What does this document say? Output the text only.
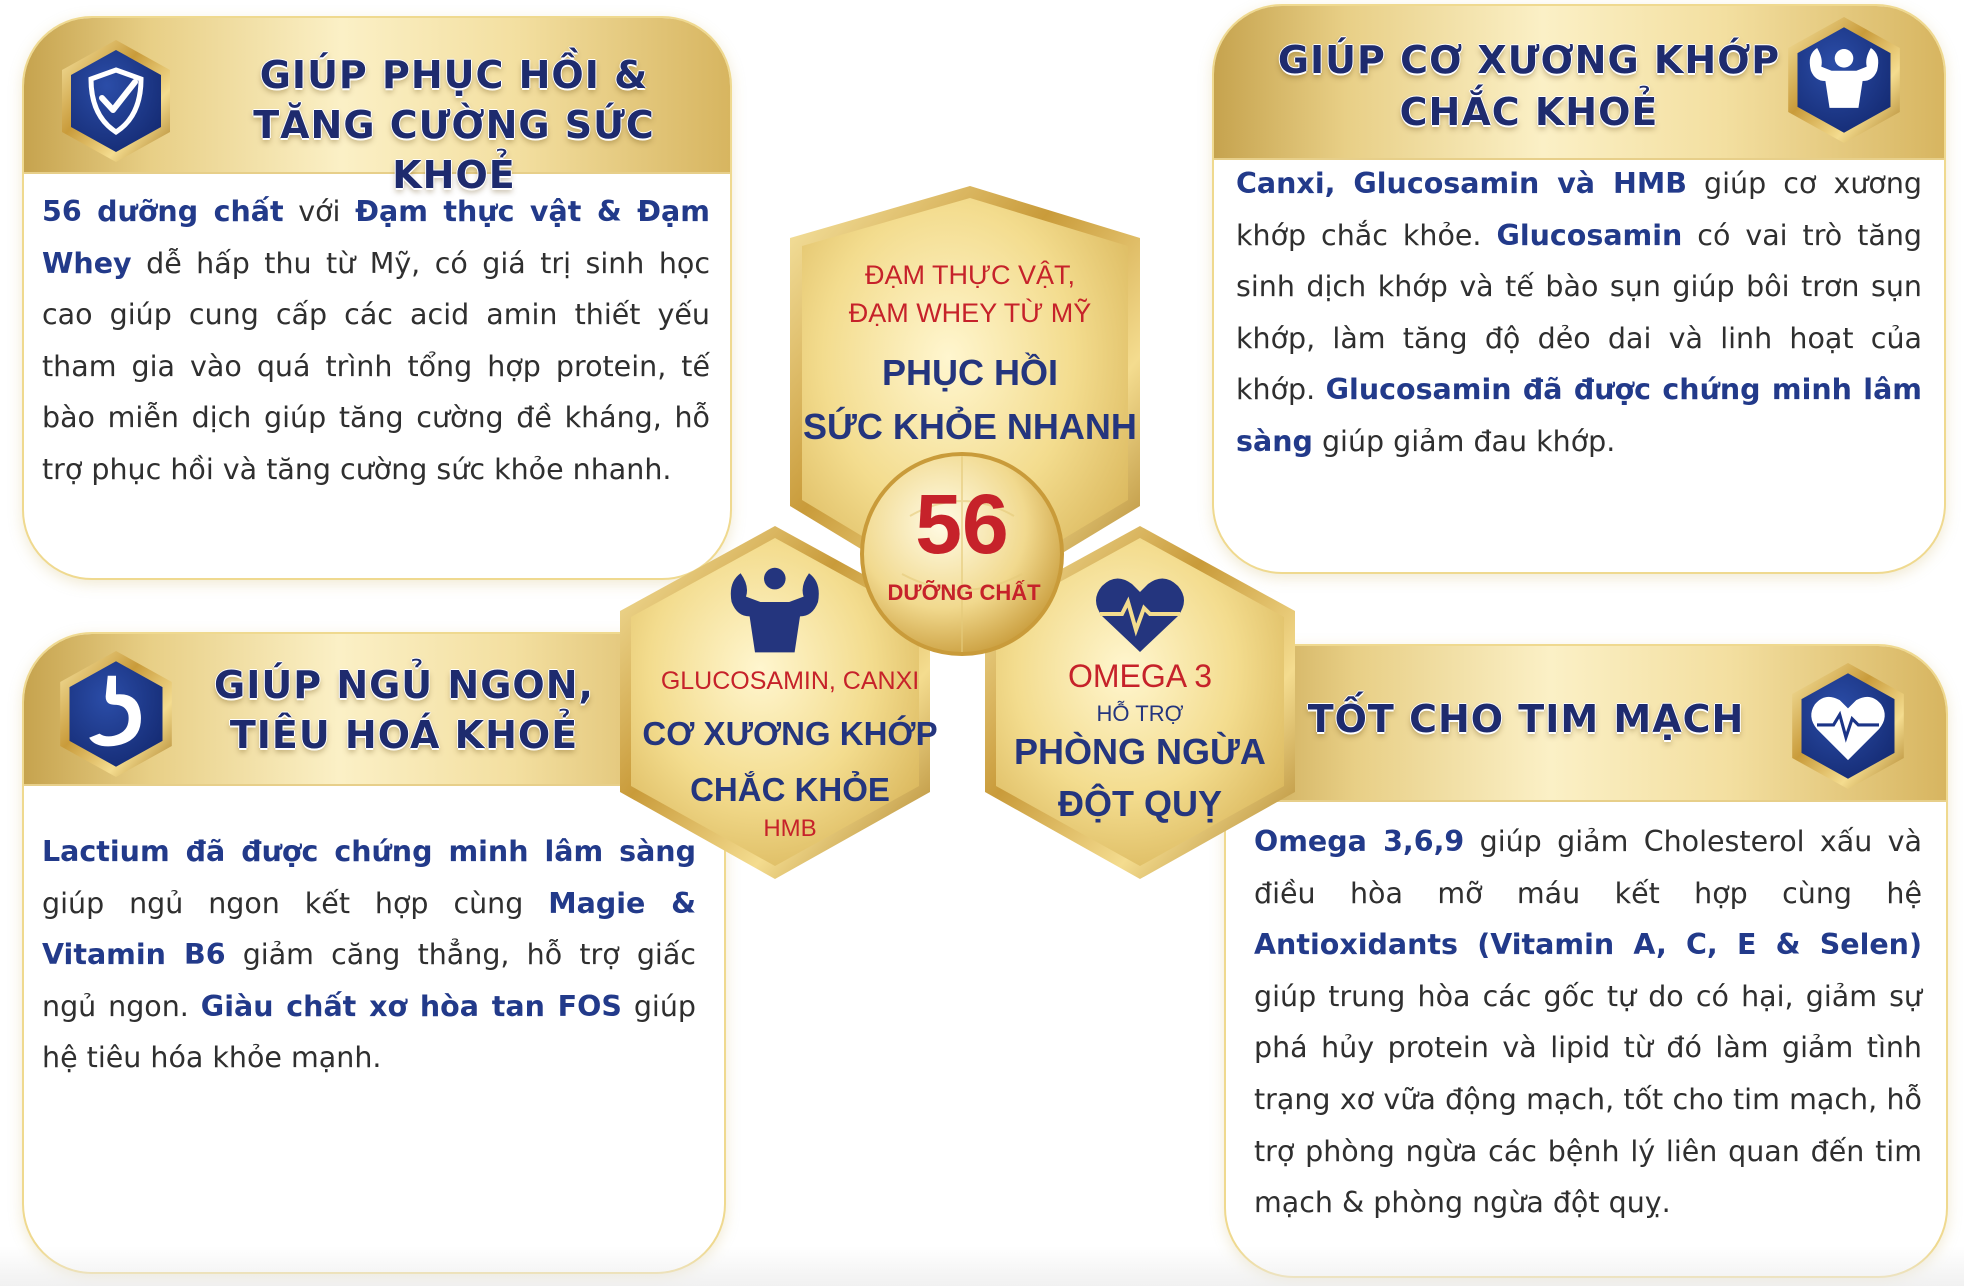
GIÚP PHỤC HỒI &
TĂNG CƯỜNG SỨC KHOẺ
56 dưỡng chất với Đạm thực vật & Đạm Whey dễ hấp thu từ Mỹ, có giá trị sinh học cao giúp cung cấp các acid amin thiết yếu tham gia vào quá trình tổng hợp protein, tế bào miễn dịch giúp tăng cường đề kháng, hỗ trợ phục hồi và tăng cường sức khỏe nhanh.
GIÚP CƠ XƯƠNG KHỚP
CHẮC KHOẺ
Canxi, Glucosamin và HMB giúp cơ xương khớp chắc khỏe. Glucosamin có vai trò tăng sinh dịch khớp và tế bào sụn giúp bôi trơn sụn khớp, làm tăng độ dẻo dai và linh hoạt của khớp. Glucosamin đã được chứng minh lâm sàng giúp giảm đau khớp.
GIÚP NGỦ NGON,
TIÊU HOÁ KHOẺ
Lactium đã được chứng minh lâm sàng giúp ngủ ngon kết hợp cùng Magie & Vitamin B6 giảm căng thẳng, hỗ trợ giấc ngủ ngon. Giàu chất xơ hòa tan FOS giúp hệ tiêu hóa khỏe mạnh.
TỐT CHO TIM MẠCH
Omega 3,6,9 giúp giảm Cholesterol xấu và điều hòa mỡ máu kết hợp cùng hệ Antioxidants (Vitamin A, C, E & Selen) giúp trung hòa các gốc tự do có hại, giảm sự phá hủy protein và lipid từ đó làm giảm tình trạng xơ vữa động mạch, tốt cho tim mạch, hỗ trợ phòng ngừa các bệnh lý liên quan đến tim mạch & phòng ngừa đột quỵ.
ĐẠM THỰC VẬT,
ĐẠM WHEY TỪ MỸ
PHỤC HỒI
SỨC KHỎE NHANH
56
DƯỠNG CHẤT
GLUCOSAMIN, CANXI
CƠ XƯƠNG KHỚP
CHẮC KHỎE
HMB
OMEGA 3
HỖ TRỢ
PHÒNG NGỪA
ĐỘT QUỴ
